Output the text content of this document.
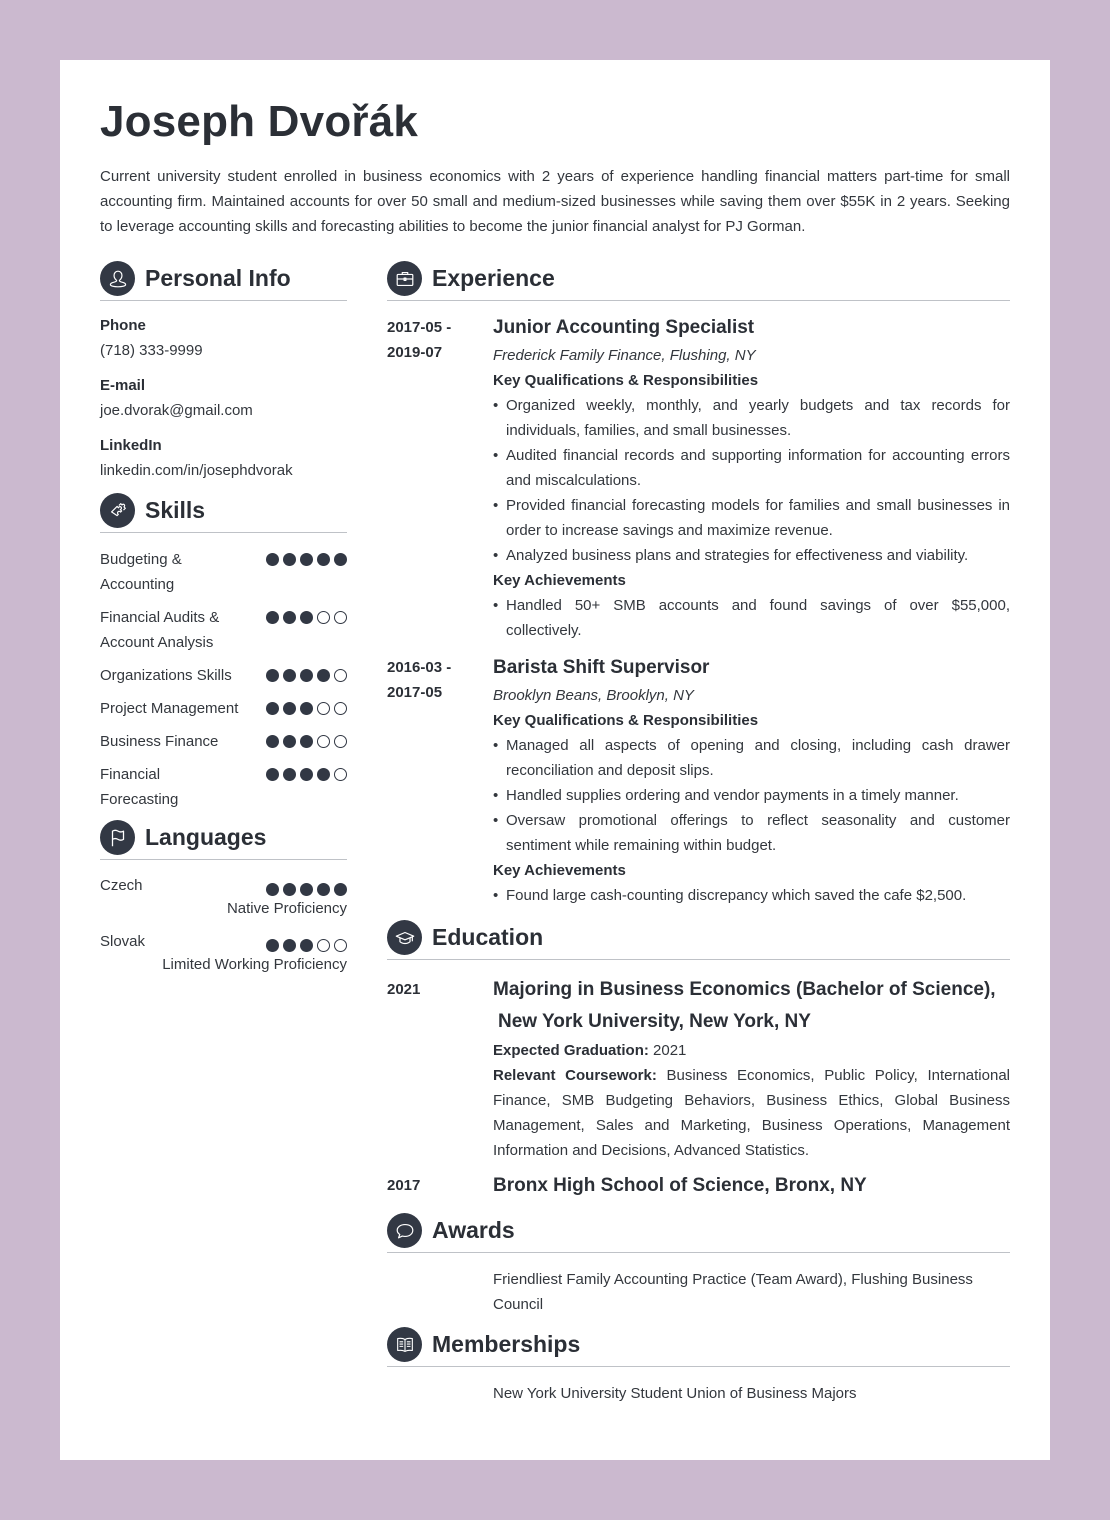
Joseph Dvořák

Current university student enrolled in business economics with 2 years of experience handling financial matters part-time for small accounting firm. Maintained accounts for over 50 small and medium-sized businesses while saving them over $55K in 2 years. Seeking to leverage accounting skills and forecasting abilities to become the junior financial analyst for PJ Gorman.

Personal Info
Phone
(718) 333-9999
E-mail
joe.dvorak@gmail.com
LinkedIn
linkedin.com/in/josephdvorak
Skills
Budgeting & Accounting
Financial Audits & Account Analysis
Organizations Skills
Project Management
Business Finance
Financial Forecasting
Languages
Czech
Native Proficiency
Slovak
Limited Working Proficiency
Experience
2017-05 -
2019-07
Junior Accounting Specialist
Frederick Family Finance, Flushing, NY
Key Qualifications & Responsibilities
• Organized weekly, monthly, and yearly budgets and tax records for individuals, families, and small businesses.
• Audited financial records and supporting information for accounting errors and miscalculations.
• Provided financial forecasting models for families and small businesses in order to increase savings and maximize revenue.
• Analyzed business plans and strategies for effectiveness and viability.
Key Achievements
• Handled 50+ SMB accounts and found savings of over $55,000, collectively.
2016-03 -
2017-05
Barista Shift Supervisor
Brooklyn Beans, Brooklyn, NY
Key Qualifications & Responsibilities
• Managed all aspects of opening and closing, including cash drawer reconciliation and deposit slips.
• Handled supplies ordering and vendor payments in a timely manner.
• Oversaw promotional offerings to reflect seasonality and customer sentiment while remaining within budget.
Key Achievements
• Found large cash-counting discrepancy which saved the cafe $2,500.
Education
2021	Majoring in Business Economics (Bachelor of Science),
New York University, New York, NY
Expected Graduation: 2021
Relevant Coursework: Business Economics, Public Policy, International Finance, SMB Budgeting Behaviors, Business Ethics, Global Business Management, Sales and Marketing, Business Operations, Management Information and Decisions, Advanced Statistics.
2017	Bronx High School of Science, Bronx, NY
Awards
Friendliest Family Accounting Practice (Team Award), Flushing Business Council
Memberships
New York University Student Union of Business Majors
